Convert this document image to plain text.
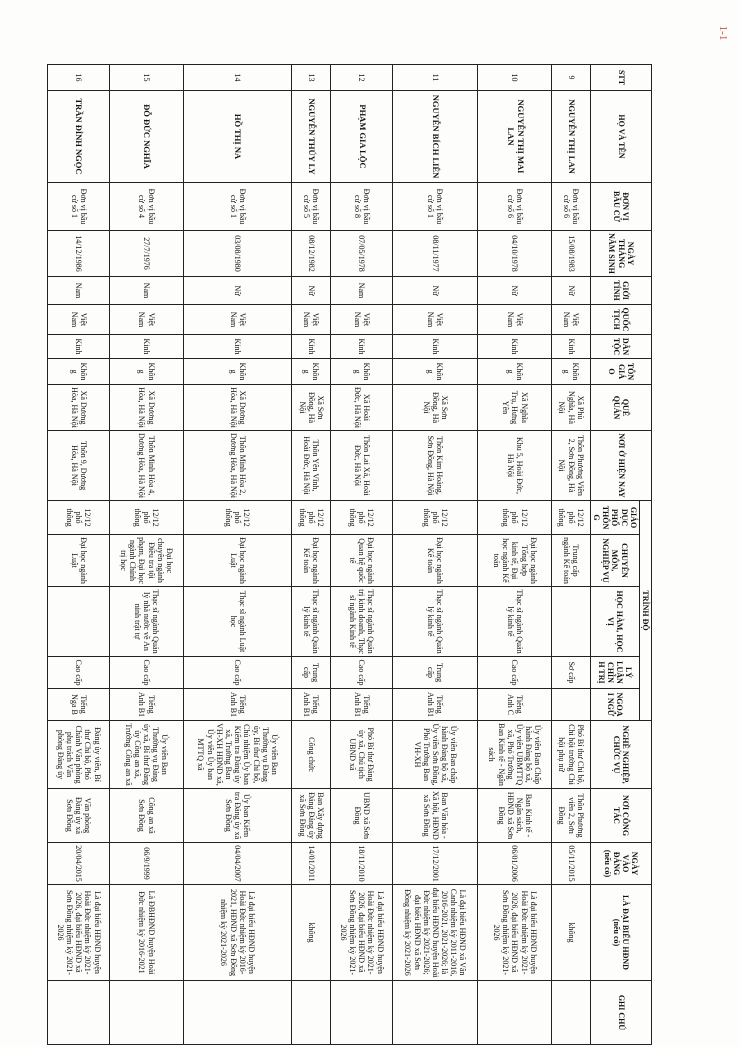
1-1
STT	HỌ VÀ TÊN	ĐƠN VỊ BẦU CỬ	NGÀY THÁNG NĂM SINH	GIỚI TÍNH	QUỐC TỊCH	DÂN TỘC	TÔN GIÁO	QUÊ QUÁN	NƠI Ở HIỆN NAY	TRÌNH ĐỘ					NGHỀ NGHIỆP, CHỨC VỤ	NƠI CÔNG TÁC	NGÀY VÀO ĐẢNG (nếu có)	LÀ ĐẠI BIỂU HĐND (nếu có)	GHI CHÚ
										GIÁO DỤC PHỔ THÔNG	CHUYÊN MÔN, NGHIỆP VỤ	HỌC HÀM, HỌC VỊ	LÝ LUẬN CHÍNH TRỊ	NGOẠI NGỮ					
9	NGUYỄN THỊ LAN	Đơn vị bầu cử số 6	15/08/1983	Nữ	Việt Nam	Kinh	Không	Xã Phù Nghĩa, Hà Nội	Thôn Phương Viên 2, Sơn Đồng, Hà Nội	12/12 phổ thông	Trung cấp ngành Kế toán		Sơ cấp		Phó Bí thư Chi bộ, Chi hội trưởng Chi hội phụ nữ	Thôn Phương viên 2, Sơn Đồng	05/11/2015	không	
10	NGUYỄN THỊ MAI LAN	Đơn vị bầu cử số 6	04/10/1978	Nữ	Việt Nam	Kinh	Không	Xã Nghĩa Trụ, Hưng Yên	Khu 5, Hoài Đức, Hà Nội	12/12 phổ thông	Đại học ngành Tổng hợp kinh tế, Đại học ngành Kế toán	Thạc sĩ ngành Quản lý kinh tế	Cao cấp	Tiếng Anh C	Ủy viên Ban Chấp hành Đảng bộ xã, Ủy viên UBMTTQ xã, Phó Trưởng Ban Kinh tế - Ngân sách	Ban Kinh tế - Ngân sách, HĐND xã Sơn Đồng	06/01/2006	Là đại biểu HĐND huyện Hoài Đức nhiệm kỳ 2021-2026, đại biểu HĐND xã Sơn Đồng nhiệm kỳ 2021-2026	
11	NGUYỄN BÍCH LIÊN	Đơn vị bầu cử số 1	08/11/1977	Nữ	Việt Nam	Kinh	Không	Xã Sơn Đồng, Hà Nội	Thôn Kim Hoàng, Sơn Đồng, Hà Nội	12/12 phổ thông	Đại học ngành Kế toán	Thạc sĩ ngành Quản lý kinh tế	Trung cấp	Tiếng Anh B1	Ủy viên Ban chấp hành Đảng bộ xã, Ủy viên Sơn Đồng, Phó Trưởng Ban VH-XH	Ban Văn hóa - Xã hội, HĐND xã Sơn Đồng	17/12/2001	Là đại biểu HĐND xã Vân Canh nhiệm kỳ 2011-2016, 2016-2021, 2021-2026; là đại biểu HĐND huyện Hoài Đức nhiệm kỳ 2021-2026; đại biểu HĐND xã Sơn Đồng nhiệm kỳ 2021-2026	
12	PHẠM GIA LỘC	Đơn vị bầu cử số 8	07/05/1978	Nam	Việt Nam	Kinh	Không	Xã Hoài Đức, Hà Nội	Thôn Lai Xá, Hoài Đức, Hà Nội	12/12 phổ thông	Đại học ngành Quan hệ quốc tế	Thạc sĩ ngành Quản trị kinh doanh, Thạc sĩ ngành Kinh tế	Cao cấp	Tiếng Anh B1	Phó Bí thư Đảng ủy xã, Chủ tịch UBND xã	UBND xã Sơn Đồng	18/11/2010	Là đại biểu HĐND huyện Hoài Đức nhiệm kỳ 2021-2026, đại biểu HĐND xã Sơn Đồng nhiệm kỳ 2021-2026	
13	NGUYỄN THÚY LY	Đơn vị bầu cử số 5	08/12/1982	Nữ	Việt Nam	Kinh	Không	Xã Sơn Đồng, Hà Nội	Thôn Yên Vĩnh, Hoài Đức, Hà Nội	12/12 phổ thông	Đại học ngành Kế toán	Thạc sĩ ngành Quản lý kinh tế	Trung cấp	Tiếng Anh B1	Công chức	Ban Xây dựng Đảng Đảng ủy xã Sơn Đồng	14/01/2011	không	
14	HỒ THỊ NA	Đơn vị bầu cử số 1	03/08/1980	Nữ	Việt Nam	Kinh	Không	Xã Dương Hòa, Hà Nội	Thôn Minh Hòa 2, Dương Hòa, Hà Nội	12/12 phổ thông	Đại học ngành Luật	Thạc sĩ ngành Luật học	Cao cấp	Tiếng Anh B1	Ủy viên Ban Thường vụ Đảng ủy, Bí thư Chi bộ, Chủ nhiệm Ủy ban Kiểm tra Đảng ủy xã, Trưởng Ban VH-XH HĐND xã, Ủy viên Ủy ban MTTQ xã	Ủy ban Kiểm tra Đảng ủy xã Sơn Đồng	04/04/2007	Là đại biểu HĐND huyện Hoài Đức nhiệm kỳ 2016-2021, HĐND xã Sơn Đồng nhiệm kỳ 2021-2026	
15	ĐỖ ĐỨC NGHĨA	Đơn vị bầu cử số 4	27/7/1976	Nam	Việt Nam	Kinh	Không	Xã Dương Hòa, Hà Nội	Thôn Minh Hòa 4, Dương Hòa, Hà Nội	12/12 phổ thông	Đại học chuyên ngành Điều tra tội phạm, Đại học ngành Chính trị học	Thạc sĩ ngành Quản lý nhà nước về An ninh trật tự	Cao cấp	Tiếng Anh B1	Ủy viên Ban Thường vụ Đảng ủy xã, Bí thư Đảng ủy Công an xã, Trưởng Công an xã	Công an xã Sơn Đồng	06/9/1999	Là ĐBHĐND huyện Hoài Đức nhiệm kỳ 2016-2021	
16	TRẦN ĐÌNH NGỌC	Đơn vị bầu cử số 1	14/12/1986	Nam	Việt Nam	Kinh	Không	Xã Dương Hòa, Hà Nội	Thôn 9, Dương Hòa, Hà Nội	12/12 phổ thông	Đại học ngành Luật		Cao cấp	Tiếng Nga B	Đảng ủy viên, Bí thư Chi bộ, Phó Chánh Văn phòng phụ trách Văn phòng Đảng ủy	Văn phòng Đảng ủy xã Sơn Đồng	20/04/2015	Là đại biểu HĐND huyện Hoài Đức nhiệm kỳ 2021-2026, đại biểu HĐND xã Sơn Đồng nhiệm kỳ 2021-2026	
